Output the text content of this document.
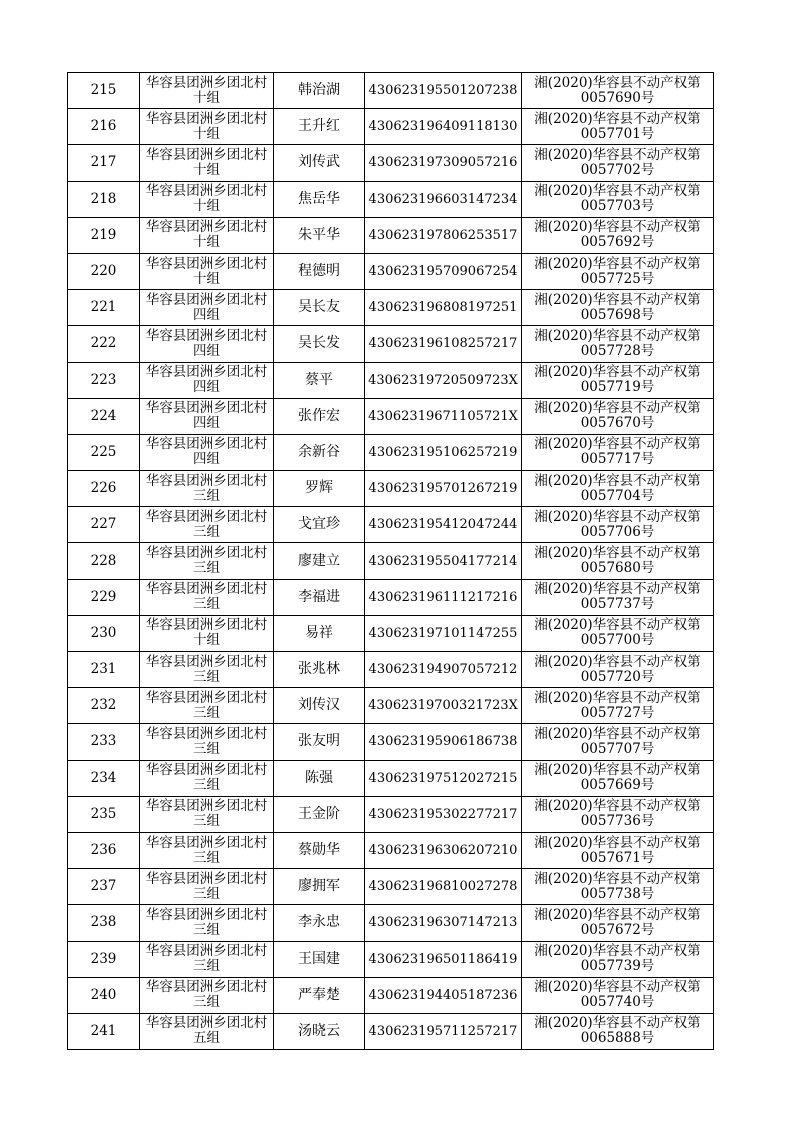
215	华容县团洲乡团北村十组	韩治湖	430623195501207238	湘(2020)华容县不动产权第0057690号
216	华容县团洲乡团北村十组	王升红	430623196409118130	湘(2020)华容县不动产权第0057701号
217	华容县团洲乡团北村十组	刘传武	430623197309057216	湘(2020)华容县不动产权第0057702号
218	华容县团洲乡团北村十组	焦岳华	430623196603147234	湘(2020)华容县不动产权第0057703号
219	华容县团洲乡团北村十组	朱平华	430623197806253517	湘(2020)华容县不动产权第0057692号
220	华容县团洲乡团北村十组	程德明	430623195709067254	湘(2020)华容县不动产权第0057725号
221	华容县团洲乡团北村四组	吴长友	430623196808197251	湘(2020)华容县不动产权第0057698号
222	华容县团洲乡团北村四组	吴长发	430623196108257217	湘(2020)华容县不动产权第0057728号
223	华容县团洲乡团北村四组	蔡平	43062319720509723X	湘(2020)华容县不动产权第0057719号
224	华容县团洲乡团北村四组	张作宏	43062319671105721X	湘(2020)华容县不动产权第0057670号
225	华容县团洲乡团北村四组	余新谷	430623195106257219	湘(2020)华容县不动产权第0057717号
226	华容县团洲乡团北村三组	罗辉	430623195701267219	湘(2020)华容县不动产权第0057704号
227	华容县团洲乡团北村三组	戈宜珍	430623195412047244	湘(2020)华容县不动产权第0057706号
228	华容县团洲乡团北村三组	廖建立	430623195504177214	湘(2020)华容县不动产权第0057680号
229	华容县团洲乡团北村三组	李福进	430623196111217216	湘(2020)华容县不动产权第0057737号
230	华容县团洲乡团北村十组	易祥	430623197101147255	湘(2020)华容县不动产权第0057700号
231	华容县团洲乡团北村三组	张兆林	430623194907057212	湘(2020)华容县不动产权第0057720号
232	华容县团洲乡团北村三组	刘传汉	43062319700321723X	湘(2020)华容县不动产权第0057727号
233	华容县团洲乡团北村三组	张友明	430623195906186738	湘(2020)华容县不动产权第0057707号
234	华容县团洲乡团北村三组	陈强	430623197512027215	湘(2020)华容县不动产权第0057669号
235	华容县团洲乡团北村三组	王金阶	430623195302277217	湘(2020)华容县不动产权第0057736号
236	华容县团洲乡团北村三组	蔡勋华	430623196306207210	湘(2020)华容县不动产权第0057671号
237	华容县团洲乡团北村三组	廖拥军	430623196810027278	湘(2020)华容县不动产权第0057738号
238	华容县团洲乡团北村三组	李永忠	430623196307147213	湘(2020)华容县不动产权第0057672号
239	华容县团洲乡团北村三组	王国建	430623196501186419	湘(2020)华容县不动产权第0057739号
240	华容县团洲乡团北村三组	严奉楚	430623194405187236	湘(2020)华容县不动产权第0057740号
241	华容县团洲乡团北村五组	汤晓云	430623195711257217	湘(2020)华容县不动产权第0065888号
